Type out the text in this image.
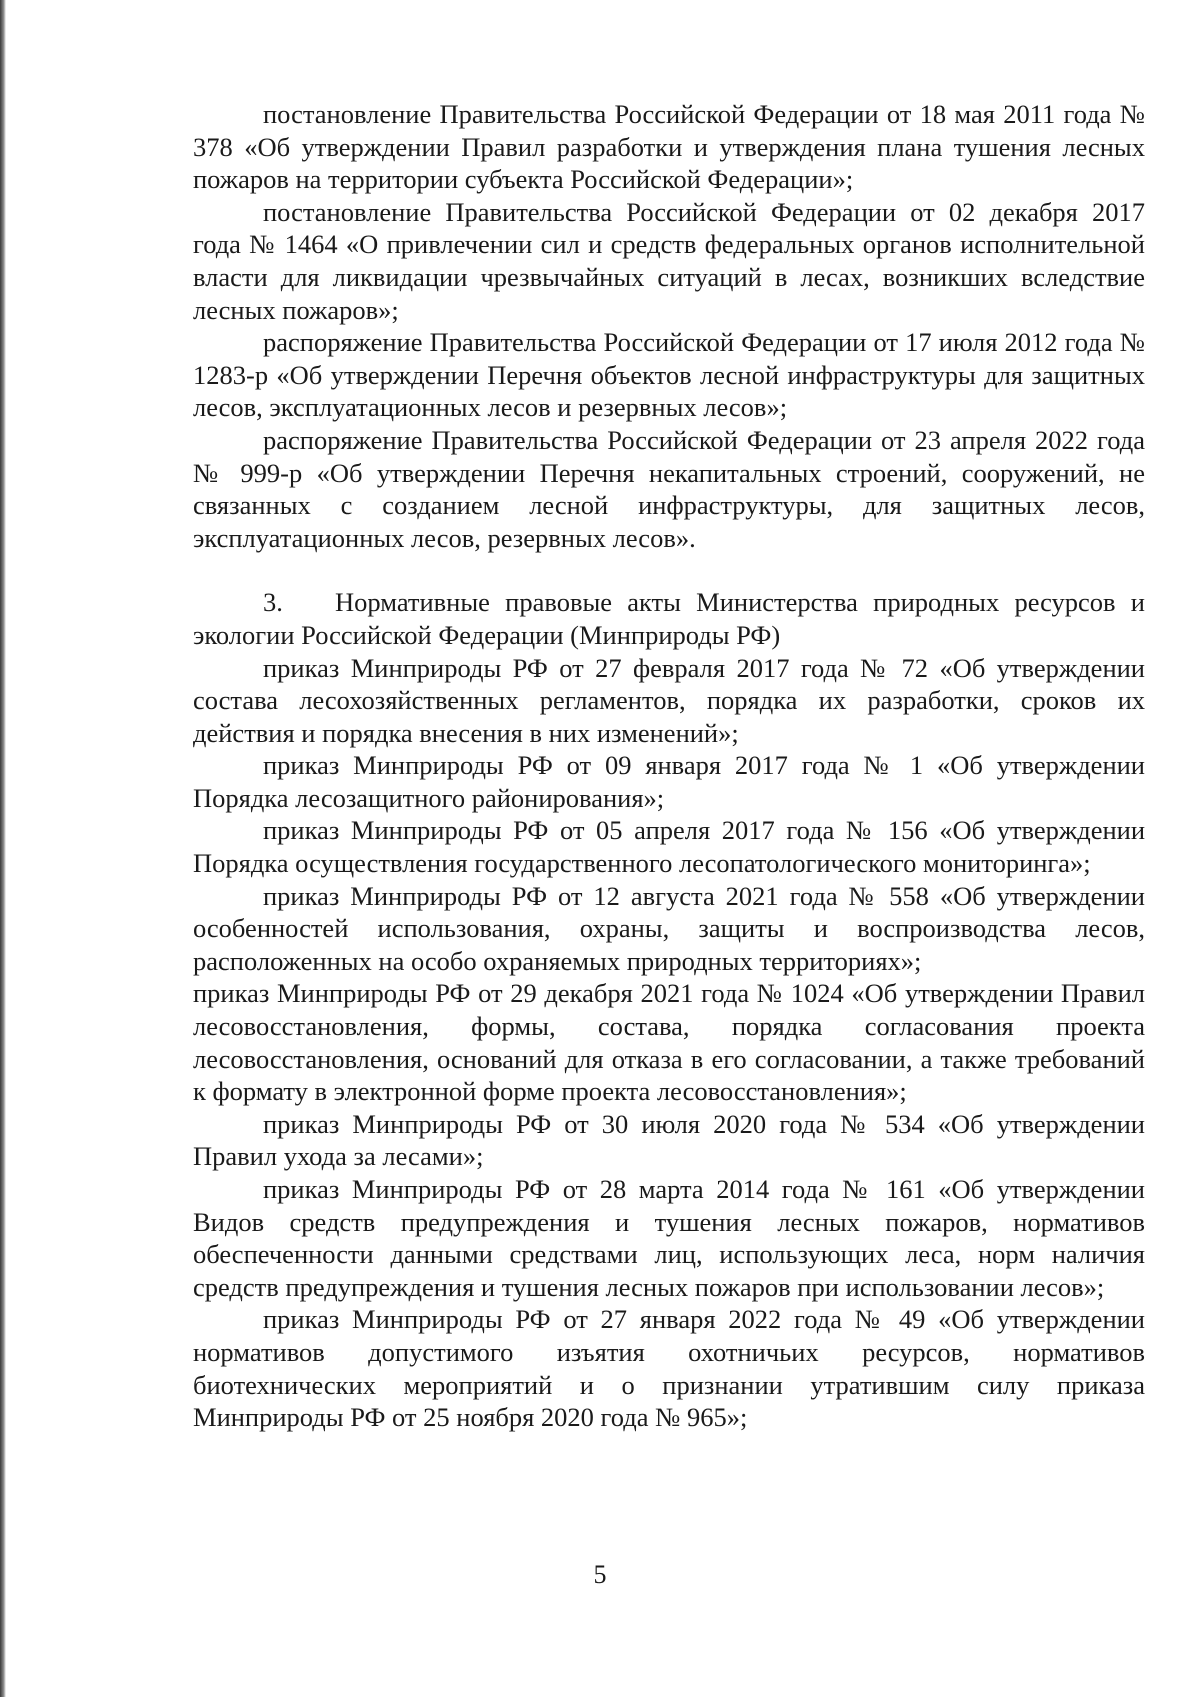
постановление Правительства Российской Федерации от 18 мая 2011 года № 378 «Об утверждении Правил разработки и утверждения плана тушения лесных пожаров на территории субъекта Российской Федерации»;

постановление Правительства Российской Федерации от 02 декабря 2017 года № 1464 «О привлечении сил и средств федеральных органов исполнительной власти для ликвидации чрезвычайных ситуаций в лесах, возникших вследствие лесных пожаров»;

распоряжение Правительства Российской Федерации от 17 июля 2012 года № 1283-р «Об утверждении Перечня объектов лесной инфраструктуры для защитных лесов, эксплуатационных лесов и резервных лесов»;

распоряжение Правительства Российской Федерации от 23 апреля 2022 года № 999-р «Об утверждении Перечня некапитальных строений, сооружений, не связанных с созданием лесной инфраструктуры, для защитных лесов, эксплуатационных лесов, резервных лесов».

3. Нормативные правовые акты Министерства природных ресурсов и экологии Российской Федерации (Минприроды РФ)

приказ Минприроды РФ от 27 февраля 2017 года № 72 «Об утверждении состава лесохозяйственных регламентов, порядка их разработки, сроков их действия и порядка внесения в них изменений»;

приказ Минприроды РФ от 09 января 2017 года № 1 «Об утверждении Порядка лесозащитного районирования»;

приказ Минприроды РФ от 05 апреля 2017 года № 156 «Об утверждении Порядка осуществления государственного лесопатологического мониторинга»;

приказ Минприроды РФ от 12 августа 2021 года № 558 «Об утверждении особенностей использования, охраны, защиты и воспроизводства лесов, расположенных на особо охраняемых природных территориях»;

приказ Минприроды РФ от 29 декабря 2021 года № 1024 «Об утверждении Правил лесовосстановления, формы, состава, порядка согласования проекта лесовосстановления, оснований для отказа в его согласовании, а также требований к формату в электронной форме проекта лесовосстановления»;

приказ Минприроды РФ от 30 июля 2020 года № 534 «Об утверждении Правил ухода за лесами»;

приказ Минприроды РФ от 28 марта 2014 года № 161 «Об утверждении Видов средств предупреждения и тушения лесных пожаров, нормативов обеспеченности данными средствами лиц, использующих леса, норм наличия средств предупреждения и тушения лесных пожаров при использовании лесов»;

приказ Минприроды РФ от 27 января 2022 года № 49 «Об утверждении нормативов допустимого изъятия охотничьих ресурсов, нормативов биотехнических мероприятий и о признании утратившим силу приказа Минприроды РФ от 25 ноября 2020 года № 965»;

5
